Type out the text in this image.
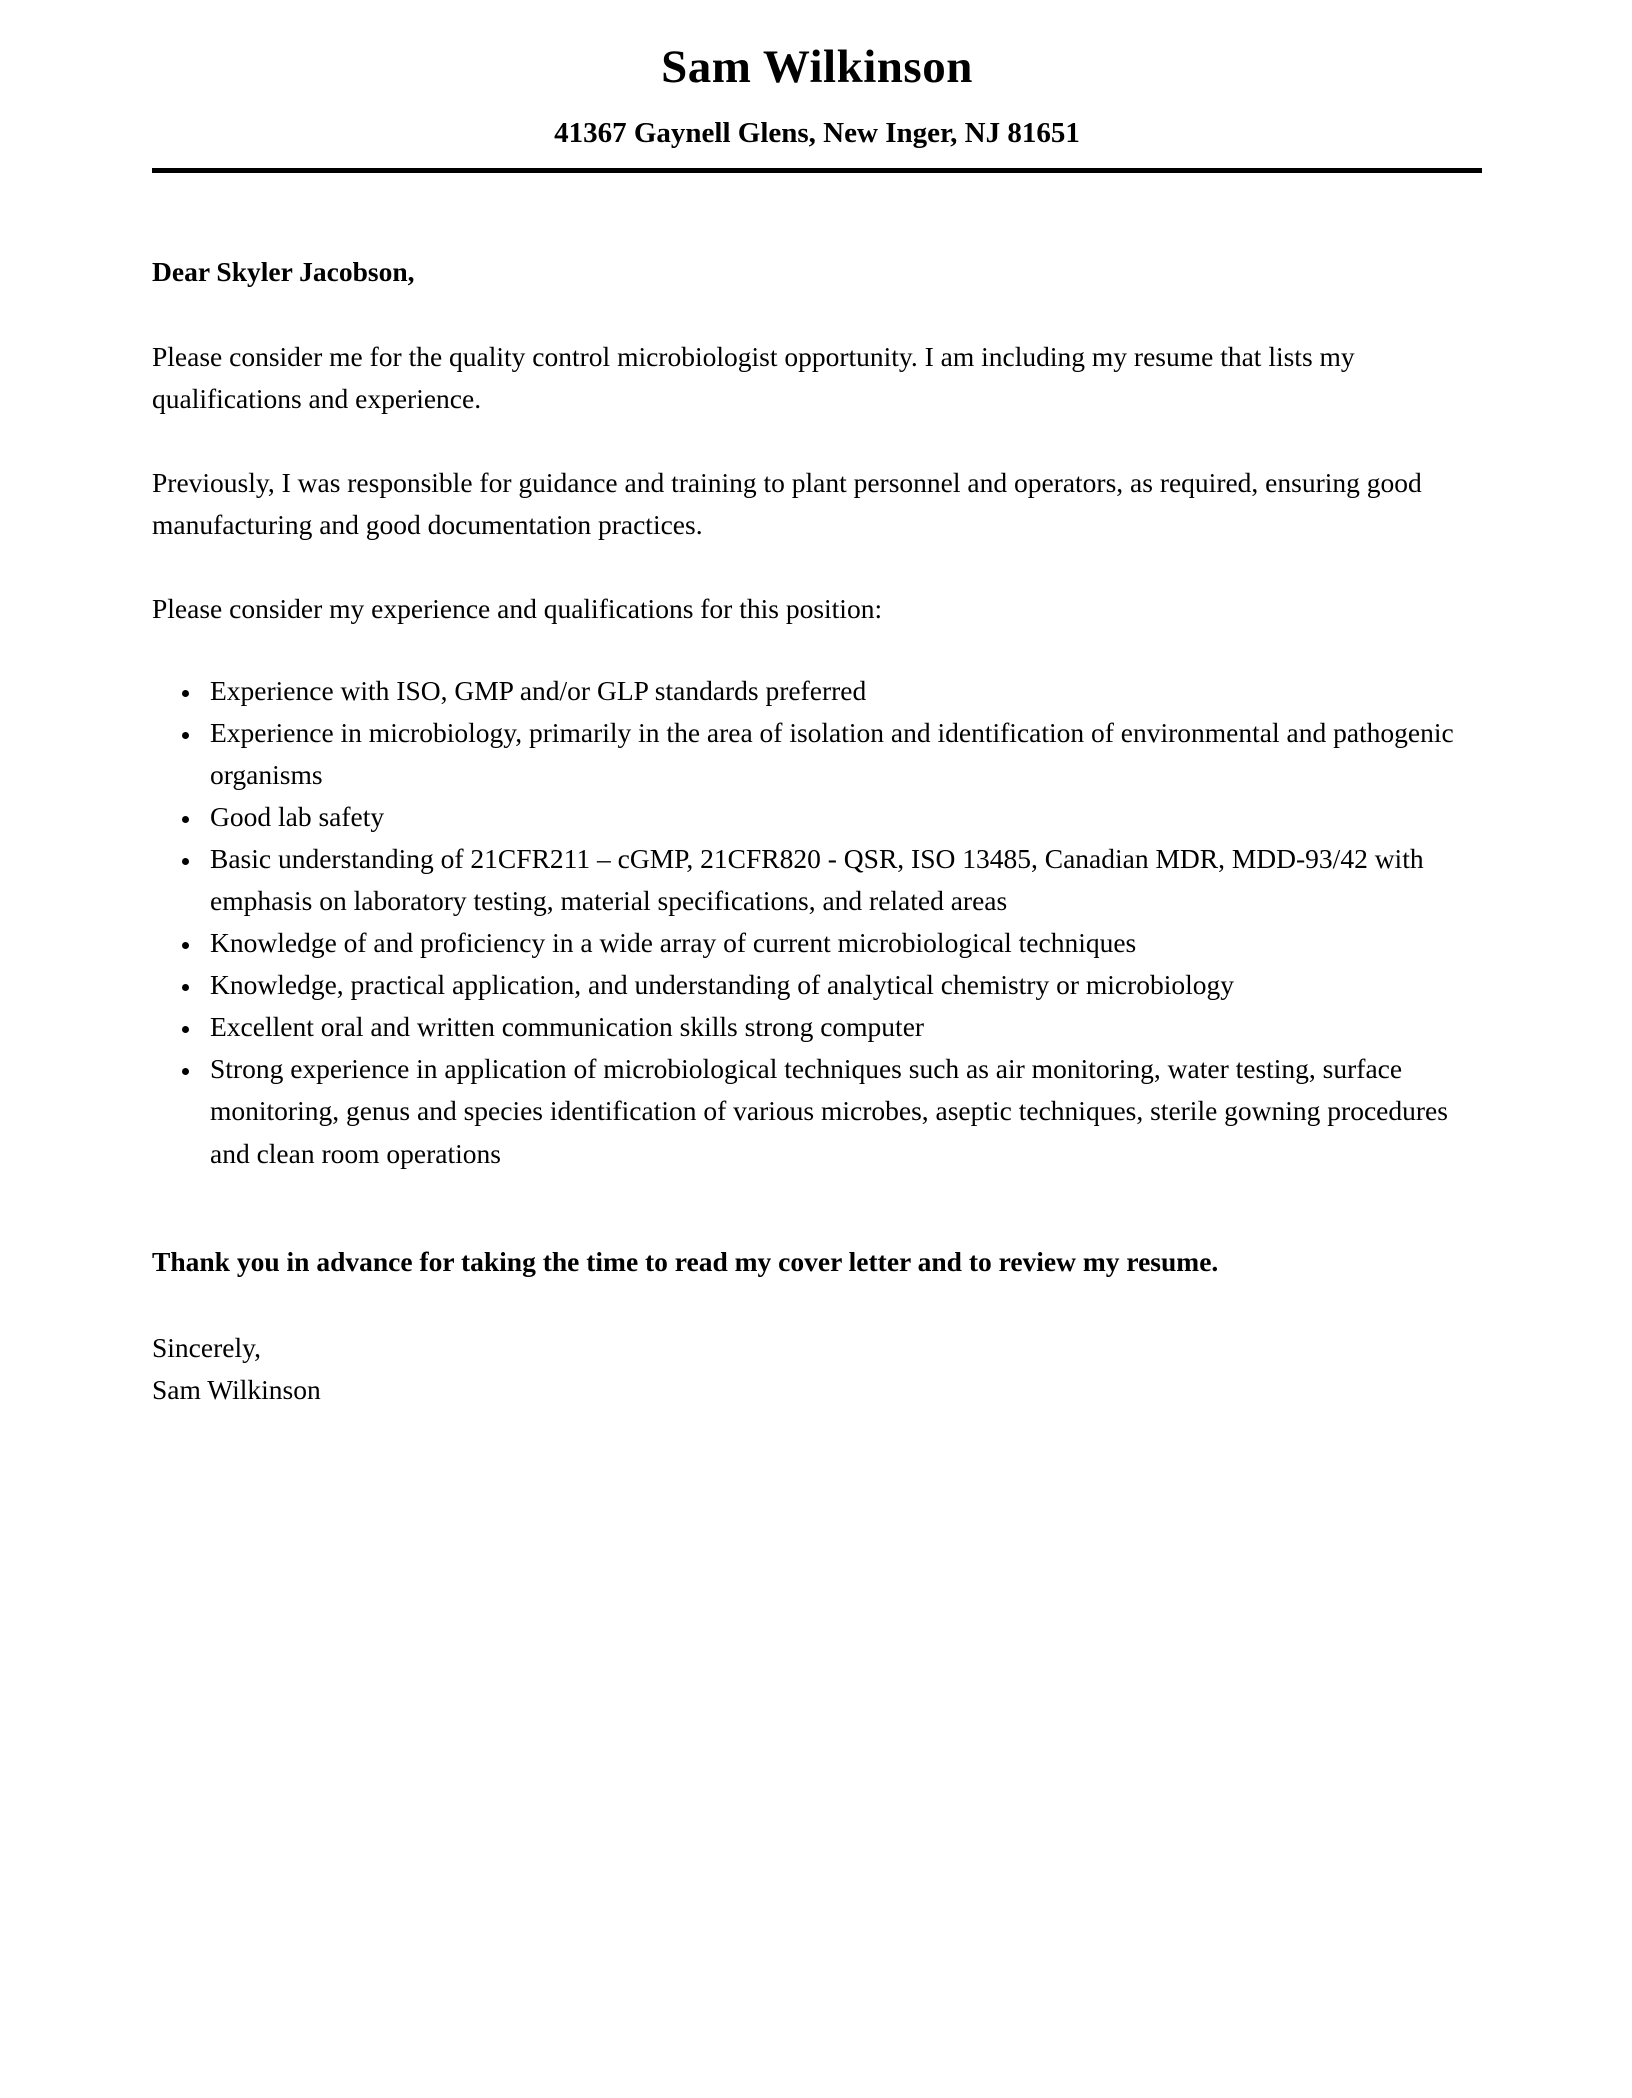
Sam Wilkinson
41367 Gaynell Glens, New Inger, NJ 81651

Dear Skyler Jacobson,

Please consider me for the quality control microbiologist opportunity. I am including my resume that lists my qualifications and experience.

Previously, I was responsible for guidance and training to plant personnel and operators, as required, ensuring good manufacturing and good documentation practices.

Please consider my experience and qualifications for this position:

• Experience with ISO, GMP and/or GLP standards preferred
• Experience in microbiology, primarily in the area of isolation and identification of environmental and pathogenic organisms
• Good lab safety
• Basic understanding of 21CFR211 – cGMP, 21CFR820 - QSR, ISO 13485, Canadian MDR, MDD-93/42 with emphasis on laboratory testing, material specifications, and related areas
• Knowledge of and proficiency in a wide array of current microbiological techniques
• Knowledge, practical application, and understanding of analytical chemistry or microbiology
• Excellent oral and written communication skills strong computer
• Strong experience in application of microbiological techniques such as air monitoring, water testing, surface monitoring, genus and species identification of various microbes, aseptic techniques, sterile gowning procedures and clean room operations

Thank you in advance for taking the time to read my cover letter and to review my resume.

Sincerely,
Sam Wilkinson
